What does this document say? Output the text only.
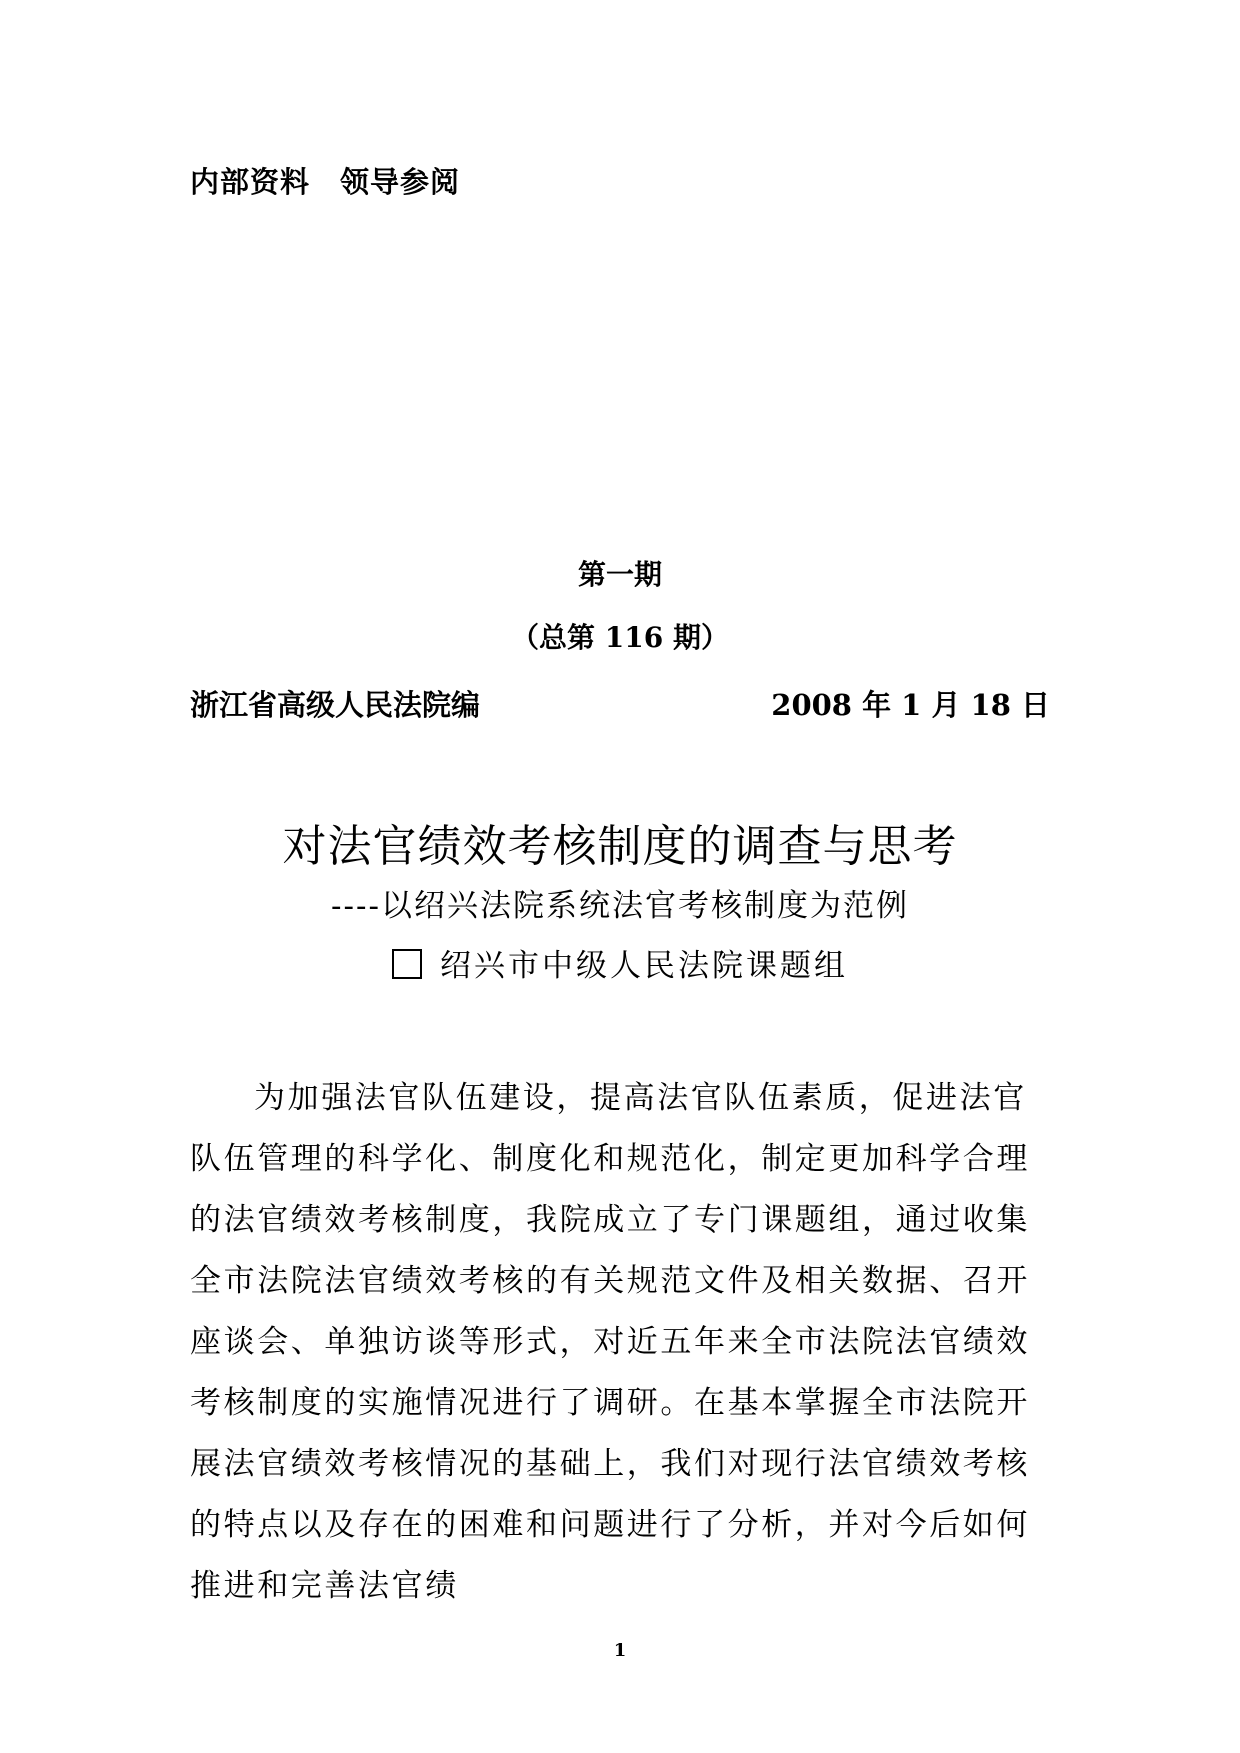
内部资料 领导参阅
第一期
（总第 116 期）
浙江省高级人民法院编	2008 年 1 月 18 日
对法官绩效考核制度的调查与思考
----以绍兴法院系统法官考核制度为范例
绍兴市中级人民法院课题组

为加强法官队伍建设，提高法官队伍素质，促进法官队伍管理的科学化、制度化和规范化，制定更加科学合理的法官绩效考核制度，我院成立了专门课题组，通过收集全市法院法官绩效考核的有关规范文件及相关数据、召开座谈会、单独访谈等形式，对近五年来全市法院法官绩效考核制度的实施情况进行了调研。在基本掌握全市法院开展法官绩效考核情况的基础上，我们对现行法官绩效考核的特点以及存在的困难和问题进行了分析，并对今后如何推进和完善法官绩

1
